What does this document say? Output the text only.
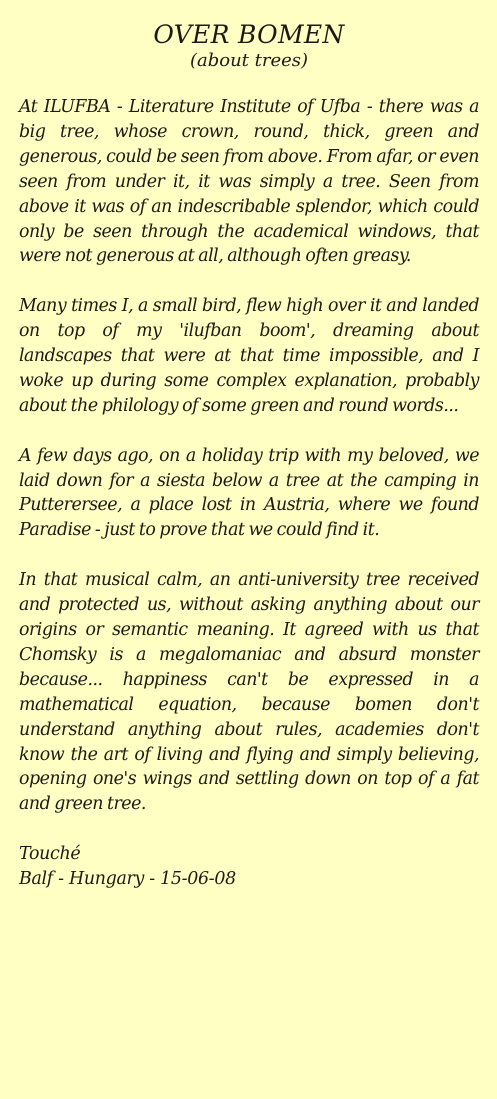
OVER BOMEN
(about trees)

At ILUFBA - Literature Institute of Ufba - there was a big tree, whose crown, round, thick, green and generous, could be seen from above. From afar, or even seen from under it, it was simply a tree. Seen from above it was of an indescribable splendor, which could only be seen through the academical windows, that were not generous at all, although often greasy.

Many times I, a small bird, flew high over it and landed on top of my 'ilufban boom', dreaming about landscapes that were at that time impossible, and I woke up during some complex explanation, probably about the philology of some green and round words...

A few days ago, on a holiday trip with my beloved, we laid down for a siesta below a tree at the camping in Putterersee, a place lost in Austria, where we found Paradise - just to prove that we could find it.

In that musical calm, an anti-university tree received and protected us, without asking anything about our origins or semantic meaning. It agreed with us that Chomsky is a megalomaniac and absurd monster because... happiness can't be expressed in a mathematical equation, because bomen don't understand anything about rules, academies don't know the art of living and flying and simply believing, opening one's wings and settling down on top of a fat and green tree.

Touché
Balf - Hungary - 15-06-08
